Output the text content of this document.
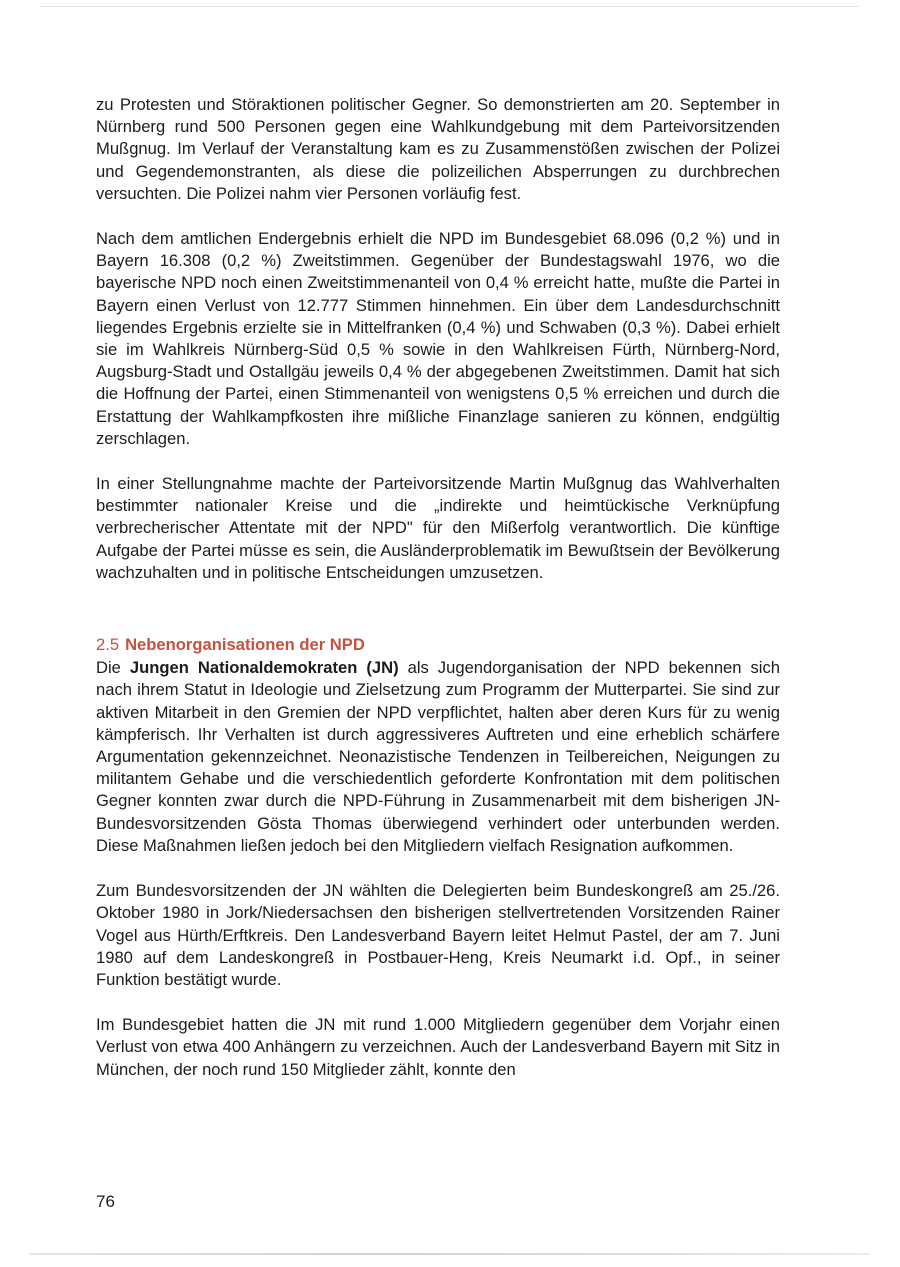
zu Protesten und Störaktionen politischer Gegner. So demonstrierten am 20. September in Nürnberg rund 500 Personen gegen eine Wahlkundgebung mit dem Parteivorsitzenden Mußgnug. Im Verlauf der Veranstaltung kam es zu Zusammenstößen zwischen der Polizei und Gegendemonstranten, als diese die polizeilichen Absperrungen zu durchbrechen versuchten. Die Polizei nahm vier Personen vorläufig fest.

Nach dem amtlichen Endergebnis erhielt die NPD im Bundesgebiet 68.096 (0,2 %) und in Bayern 16.308 (0,2 %) Zweitstimmen. Gegenüber der Bundestagswahl 1976, wo die bayerische NPD noch einen Zweitstimmenanteil von 0,4 % erreicht hatte, mußte die Partei in Bayern einen Verlust von 12.777 Stimmen hinnehmen. Ein über dem Landesdurchschnitt liegendes Ergebnis erzielte sie in Mittelfranken (0,4 %) und Schwaben (0,3 %). Dabei erhielt sie im Wahlkreis Nürnberg-Süd 0,5 % sowie in den Wahlkreisen Fürth, Nürnberg-Nord, Augsburg-Stadt und Ostallgäu jeweils 0,4 % der abgegebenen Zweitstimmen. Damit hat sich die Hoffnung der Partei, einen Stimmenanteil von wenigstens 0,5 % erreichen und durch die Erstattung der Wahlkampfkosten ihre mißliche Finanzlage sanieren zu können, endgültig zerschlagen.

In einer Stellungnahme machte der Parteivorsitzende Martin Mußgnug das Wahlverhalten bestimmter nationaler Kreise und die „indirekte und heimtückische Verknüpfung verbrecherischer Attentate mit der NPD" für den Mißerfolg verantwortlich. Die künftige Aufgabe der Partei müsse es sein, die Ausländerproblematik im Bewußtsein der Bevölkerung wachzuhalten und in politische Entscheidungen umzusetzen.

2.5 Nebenorganisationen der NPD

Die Jungen Nationaldemokraten (JN) als Jugendorganisation der NPD bekennen sich nach ihrem Statut in Ideologie und Zielsetzung zum Programm der Mutterpartei. Sie sind zur aktiven Mitarbeit in den Gremien der NPD verpflichtet, halten aber deren Kurs für zu wenig kämpferisch. Ihr Verhalten ist durch aggressiveres Auftreten und eine erheblich schärfere Argumentation gekennzeichnet. Neonazistische Tendenzen in Teilbereichen, Neigungen zu militantem Gehabe und die verschiedentlich geforderte Konfrontation mit dem politischen Gegner konnten zwar durch die NPD-Führung in Zusammenarbeit mit dem bisherigen JN-Bundesvorsitzenden Gösta Thomas überwiegend verhindert oder unterbunden werden. Diese Maßnahmen ließen jedoch bei den Mitgliedern vielfach Resignation aufkommen.

Zum Bundesvorsitzenden der JN wählten die Delegierten beim Bundeskongreß am 25./26. Oktober 1980 in Jork/Niedersachsen den bisherigen stellvertretenden Vorsitzenden Rainer Vogel aus Hürth/Erftkreis. Den Landesverband Bayern leitet Helmut Pastel, der am 7. Juni 1980 auf dem Landeskongreß in Postbauer-Heng, Kreis Neumarkt i.d. Opf., in seiner Funktion bestätigt wurde.

Im Bundesgebiet hatten die JN mit rund 1.000 Mitgliedern gegenüber dem Vorjahr einen Verlust von etwa 400 Anhängern zu verzeichnen. Auch der Landesverband Bayern mit Sitz in München, der noch rund 150 Mitglieder zählt, konnte den

76
